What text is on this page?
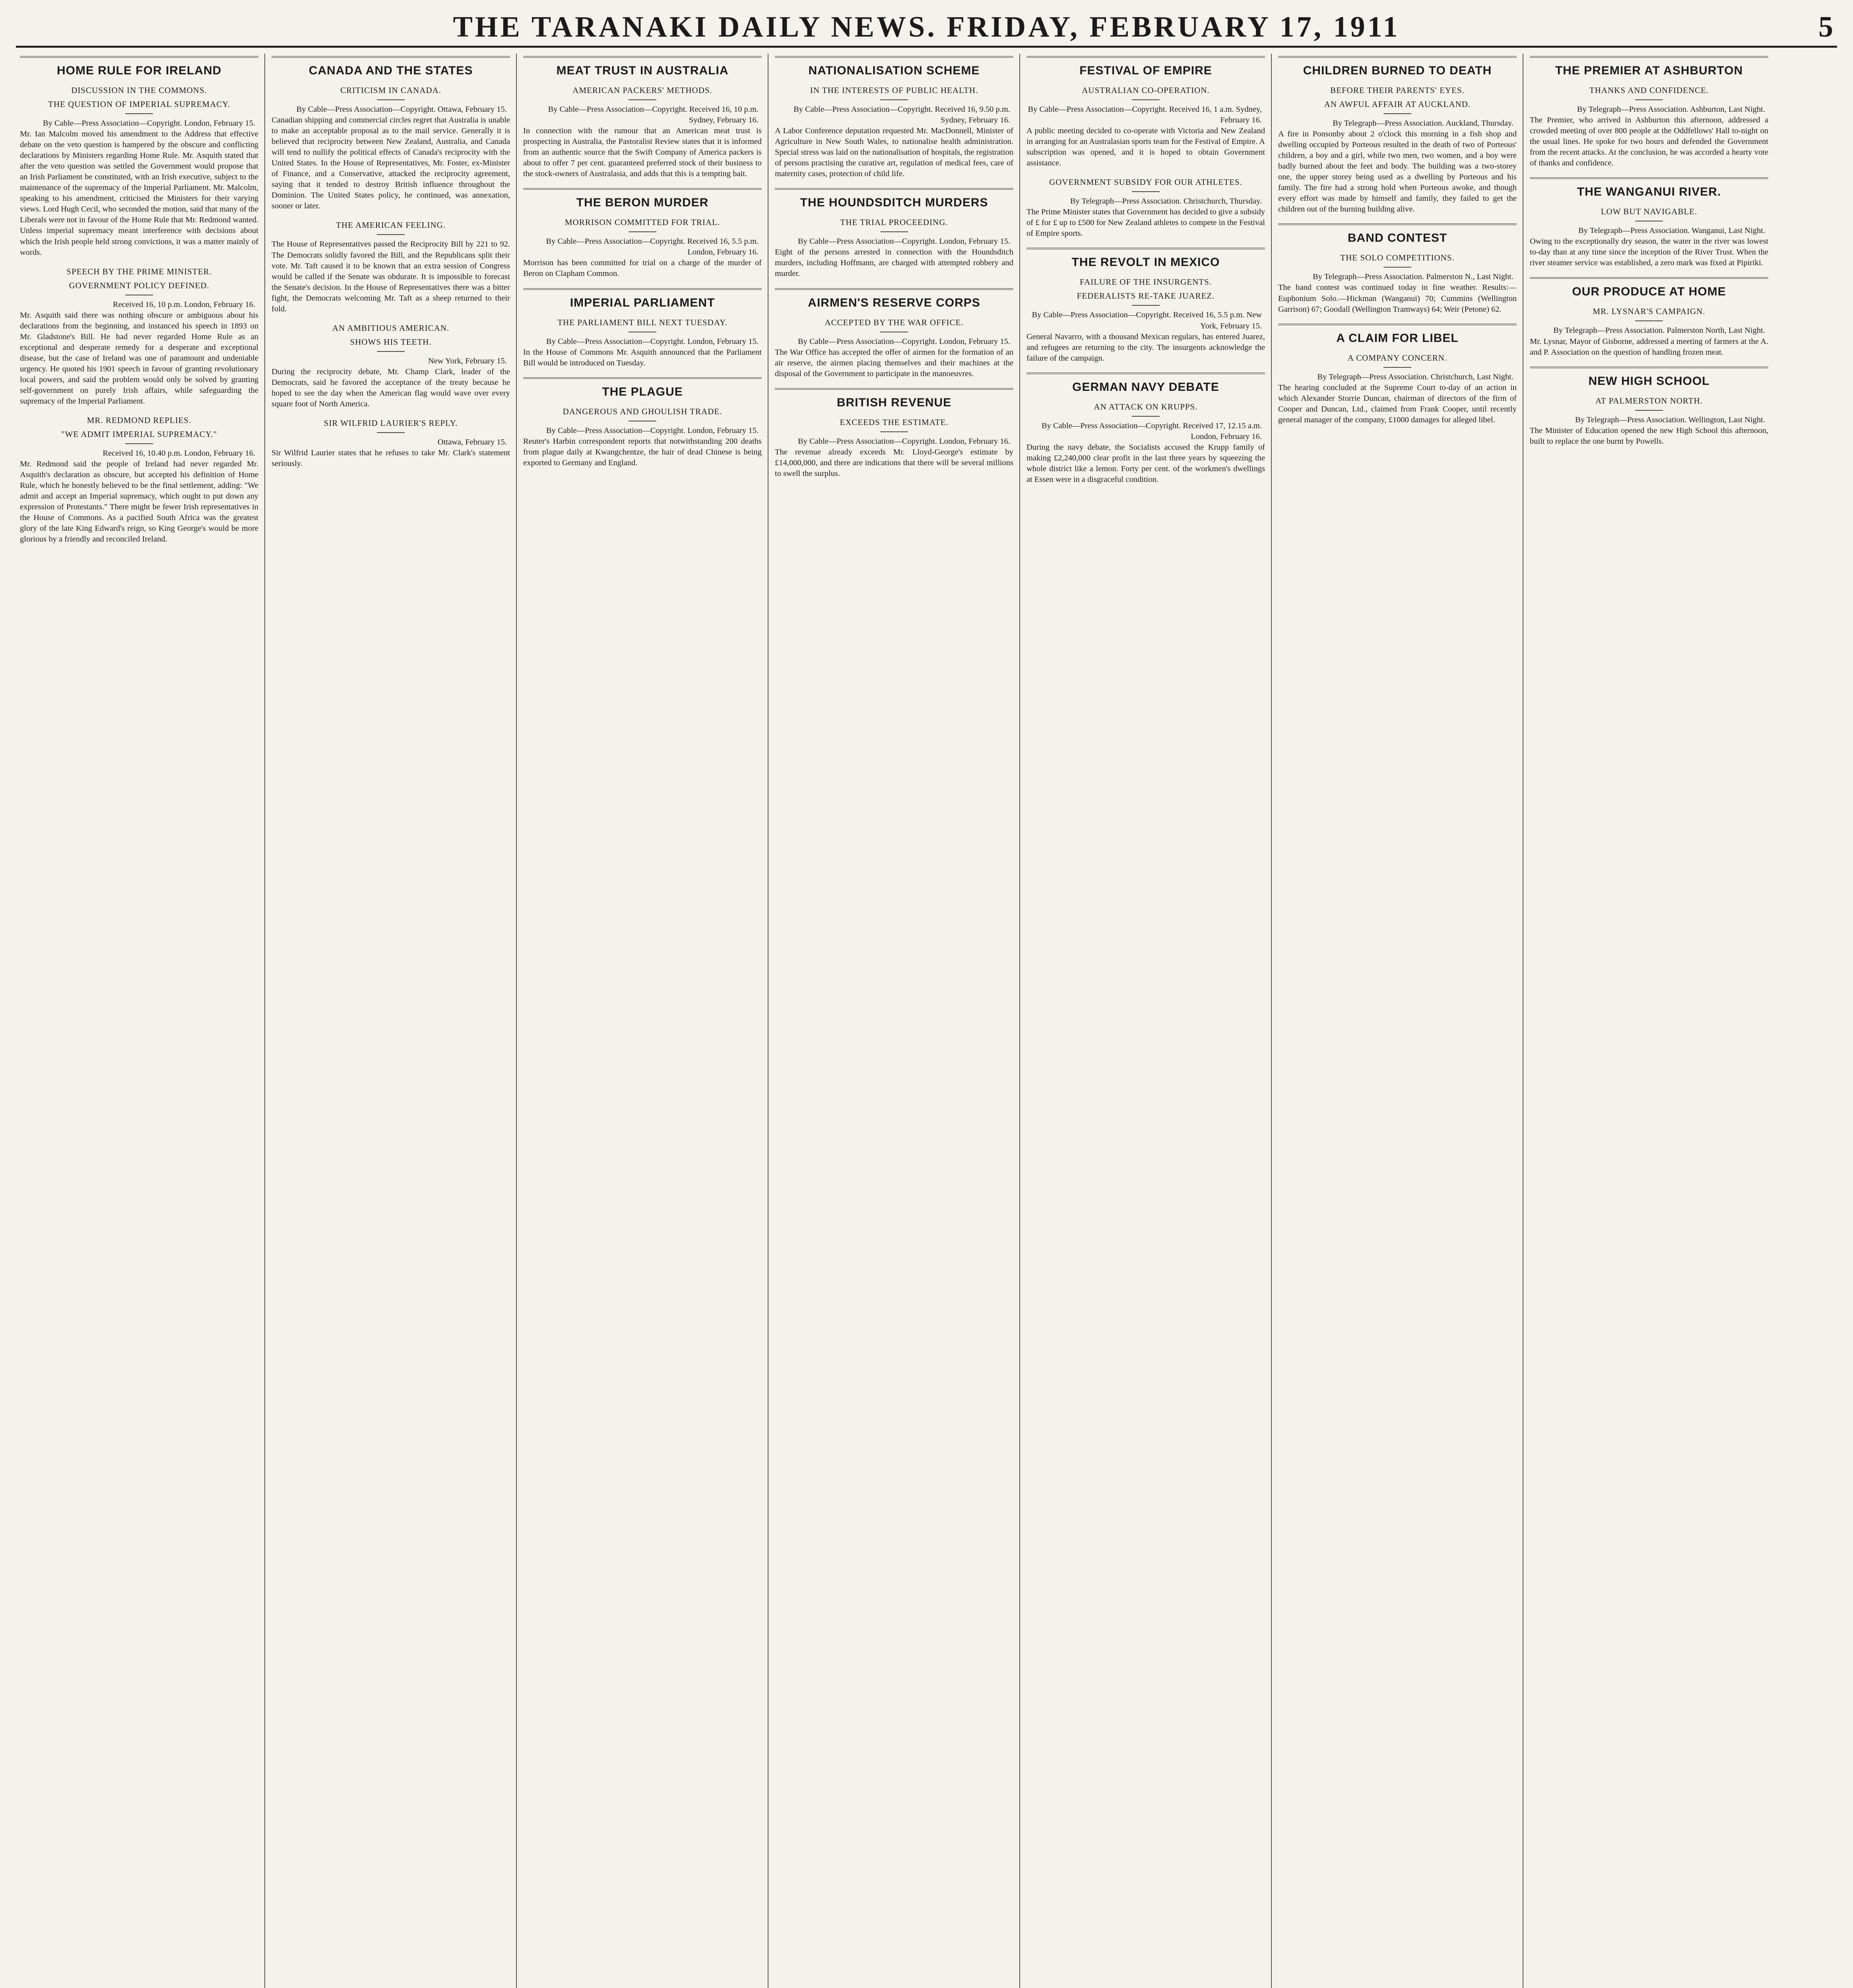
THE TARANAKI DAILY NEWS. FRIDAY, FEBRUARY 17, 1911	5
HOME RULE FOR IRELAND
DISCUSSION IN THE COMMONS.
THE QUESTION OF IMPERIAL SUPREMACY.
By Cable—Press Association—Copyright. London, February 15.
Mr. Ian Malcolm moved his amendment to the Address that effective debate on the veto question is hampered by the obscure and conflicting declarations by Ministers regarding Home Rule. Mr. Asquith stated that after the veto question was settled the Government would propose that an Irish Parliament be constituted, with an Irish executive, subject to the maintenance of the supremacy of the Imperial Parliament. Mr. Malcolm, speaking to his amendment, criticised the Ministers for their varying views. Lord Hugh Cecil, who seconded the motion, said that many of the Liberals were not in favour of the Home Rule that Mr. Redmond wanted. Unless imperial supremacy meant interference with decisions about which the Irish people held strong convictions, it was a matter mainly of words.
SPEECH BY THE PRIME MINISTER.
GOVERNMENT POLICY DEFINED.
Received 16, 10 p.m. London, February 16.
Mr. Asquith said there was nothing obscure or ambiguous about his declarations from the beginning, and instanced his speech in 1893 on Mr. Gladstone's Bill. He had never regarded Home Rule as an exceptional and desperate remedy for a desperate and exceptional disease, but the case of Ireland was one of paramount and undeniable urgency. He quoted his 1901 speech in favour of granting revolutionary local powers, and said the problem would only be solved by granting self-government on purely Irish affairs, while safeguarding the supremacy of the Imperial Parliament.
MR. REDMOND REPLIES.
"WE ADMIT IMPERIAL SUPREMACY."
Received 16, 10.40 p.m. London, February 16.
Mr. Redmond said the people of Ireland had never regarded Mr. Asquith's declaration as obscure, but accepted his definition of Home Rule, which he honestly believed to be the final settlement, adding: "We admit and accept an Imperial supremacy, which ought to put down any expression of Protestants." There might be fewer Irish representatives in the House of Commons. As a pacified South Africa was the greatest glory of the late King Edward's reign, so King George's would be more glorious by a friendly and reconciled Ireland.
CANADA AND THE STATES
CRITICISM IN CANADA.
By Cable—Press Association—Copyright. Ottawa, February 15.
Canadian shipping and commercial circles regret that Australia is unable to make an acceptable proposal as to the mail service. Generally it is believed that reciprocity between New Zealand, Australia, and Canada will tend to nullify the political effects of Canada's reciprocity with the United States. In the House of Representatives, Mr. Foster, ex-Minister of Finance, and a Conservative, attacked the reciprocity agreement, saying that it tended to destroy British influence throughout the Dominion. The United States policy, he continued, was annexation, sooner or later.
THE AMERICAN FEELING.
The House of Representatives passed the Reciprocity Bill by 221 to 92. The Democrats solidly favored the Bill, and the Republicans split their vote. Mr. Taft caused it to be known that an extra session of Congress would be called if the Senate was obdurate. It is impossible to forecast the Senate's decision. In the House of Representatives there was a bitter fight, the Democrats welcoming Mr. Taft as a sheep returned to their fold.
AN AMBITIOUS AMERICAN.
SHOWS HIS TEETH.
New York, February 15.
During the reciprocity debate, Mr. Champ Clark, leader of the Democrats, said he favored the acceptance of the treaty because he hoped to see the day when the American flag would wave over every square foot of North America.
SIR WILFRID LAURIER'S REPLY.
Ottawa, February 15.
Sir Wilfrid Laurier states that he refuses to take Mr. Clark's statement seriously.
MEAT TRUST IN AUSTRALIA
AMERICAN PACKERS' METHODS.
By Cable—Press Association—Copyright. Received 16, 10 p.m. Sydney, February 16.
In connection with the rumour that an American meat trust is prospecting in Australia, the Pastoralist Review states that it is informed from an authentic source that the Swift Company of America packers is about to offer 7 per cent. guaranteed preferred stock of their business to the stock-owners of Australasia, and adds that this is a tempting bait.
THE BERON MURDER
MORRISON COMMITTED FOR TRIAL.
By Cable—Press Association—Copyright. Received 16, 5.5 p.m. London, February 16.
Morrison has been committed for trial on a charge of the murder of Beron on Clapham Common.
IMPERIAL PARLIAMENT
THE PARLIAMENT BILL NEXT TUESDAY.
By Cable—Press Association—Copyright. London, February 15.
In the House of Commons Mr. Asquith announced that the Parliament Bill would be introduced on Tuesday.
THE PLAGUE
DANGEROUS AND GHOULISH TRADE.
By Cable—Press Association—Copyright. London, February 15.
Reuter's Harbin correspondent reports that notwithstanding 200 deaths from plague daily at Kwangchentze, the hair of dead Chinese is being exported to Germany and England.
NATIONALISATION SCHEME
IN THE INTERESTS OF PUBLIC HEALTH.
By Cable—Press Association—Copyright. Received 16, 9.50 p.m. Sydney, February 16.
A Labor Conference deputation requested Mr. MacDonnell, Minister of Agriculture in New South Wales, to nationalise health administration. Special stress was laid on the nationalisation of hospitals, the registration of persons practising the curative art, regulation of medical fees, care of maternity cases, protection of child life.
THE HOUNDSDITCH MURDERS
THE TRIAL PROCEEDING.
By Cable—Press Association—Copyright. London, February 15.
Eight of the persons arrested in connection with the Houndsditch murders, including Hoffmann, are charged with attempted robbery and murder.
AIRMEN'S RESERVE CORPS
ACCEPTED BY THE WAR OFFICE.
By Cable—Press Association—Copyright. London, February 15.
The War Office has accepted the offer of airmen for the formation of an air reserve, the airmen placing themselves and their machines at the disposal of the Government to participate in the manoeuvres.
BRITISH REVENUE
EXCEEDS THE ESTIMATE.
By Cable—Press Association—Copyright. London, February 16.
The revenue already exceeds Mr. Lloyd-George's estimate by £14,000,000, and there are indications that there will be several millions to swell the surplus.
FESTIVAL OF EMPIRE
AUSTRALIAN CO-OPERATION.
By Cable—Press Association—Copyright. Received 16, 1 a.m. Sydney, February 16.
A public meeting decided to co-operate with Victoria and New Zealand in arranging for an Australasian sports team for the Festival of Empire. A subscription was opened, and it is hoped to obtain Government assistance.
GOVERNMENT SUBSIDY FOR OUR ATHLETES.
By Telegraph—Press Association. Christchurch, Thursday.
The Prime Minister states that Government has decided to give a subsidy of £ for £ up to £500 for New Zealand athletes to compete in the Festival of Empire sports.
THE REVOLT IN MEXICO
FAILURE OF THE INSURGENTS.
FEDERALISTS RE-TAKE JUAREZ.
By Cable—Press Association—Copyright. Received 16, 5.5 p.m. New York, February 15.
General Navarro, with a thousand Mexican regulars, has entered Juarez, and refugees are returning to the city. The insurgents acknowledge the failure of the campaign.
GERMAN NAVY DEBATE
AN ATTACK ON KRUPPS.
By Cable—Press Association—Copyright. Received 17, 12.15 a.m. London, February 16.
During the navy debate, the Socialists accused the Krupp family of making £2,240,000 clear profit in the last three years by squeezing the whole district like a lemon. Forty per cent. of the workmen's dwellings at Essen were in a disgraceful condition.
CHILDREN BURNED TO DEATH
BEFORE THEIR PARENTS' EYES.
AN AWFUL AFFAIR AT AUCKLAND.
By Telegraph—Press Association. Auckland, Thursday.
A fire in Ponsonby about 2 o'clock this morning in a fish shop and dwelling occupied by Porteous resulted in the death of two of Porteous' children, a boy and a girl, while two men, two women, and a boy were badly burned about the feet and body. The building was a two-storey one, the upper storey being used as a dwelling by Porteous and his family. The fire had a strong hold when Porteous awoke, and though every effort was made by himself and family, they failed to get the children out of the burning building alive.
BAND CONTEST
THE SOLO COMPETITIONS.
By Telegraph—Press Association. Palmerston N., Last Night.
The band contest was continued today in fine weather. Results:— Euphonium Solo.—Hickman (Wanganui) 70; Cummins (Wellington Garrison) 67; Goodall (Wellington Tramways) 64; Weir (Petone) 62.
A CLAIM FOR LIBEL
A COMPANY CONCERN.
By Telegraph—Press Association. Christchurch, Last Night.
The hearing concluded at the Supreme Court to-day of an action in which Alexander Storrie Duncan, chairman of directors of the firm of Cooper and Duncan, Ltd., claimed from Frank Cooper, until recently general manager of the company, £1000 damages for alleged libel.
THE PREMIER AT ASHBURTON
THANKS AND CONFIDENCE.
By Telegraph—Press Association. Ashburton, Last Night.
The Premier, who arrived in Ashburton this afternoon, addressed a crowded meeting of over 800 people at the Oddfellows' Hall to-night on the usual lines. He spoke for two hours and defended the Government from the recent attacks. At the conclusion, he was accorded a hearty vote of thanks and confidence.
THE WANGANUI RIVER.
LOW BUT NAVIGABLE.
By Telegraph—Press Association. Wanganui, Last Night.
Owing to the exceptionally dry season, the water in the river was lowest to-day than at any time since the inception of the River Trust. When the river steamer service was established, a zero mark was fixed at Pipiriki.
OUR PRODUCE AT HOME
MR. LYSNAR'S CAMPAIGN.
By Telegraph—Press Association. Palmerston North, Last Night.
Mr. Lysnar, Mayor of Gisborne, addressed a meeting of farmers at the A. and P. Association on the question of handling frozen meat.
NEW HIGH SCHOOL
AT PALMERSTON NORTH.
By Telegraph—Press Association. Wellington, Last Night.
The Minister of Education opened the new High School this afternoon, built to replace the one burnt by Powells.
